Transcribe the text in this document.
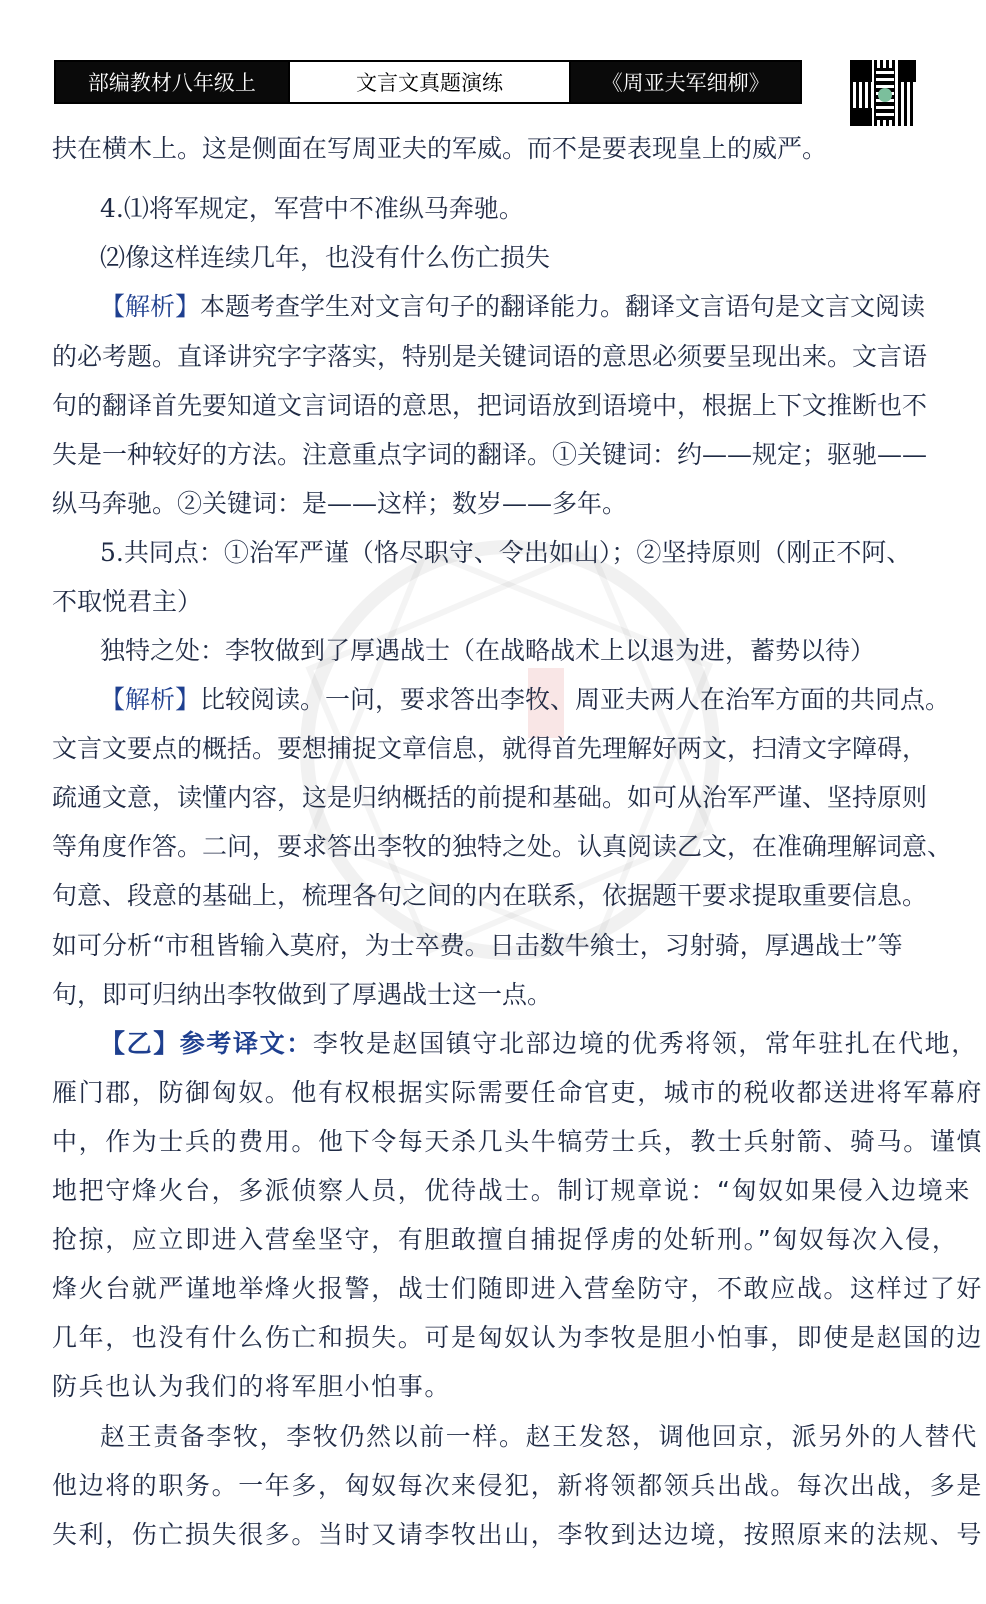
部编教材八年级上	文言文真题演练	《周亚夫军细柳》
扶在横木上。这是侧面在写周亚夫的军威。而不是要表现皇上的威严。
4.⑴将军规定，军营中不准纵马奔驰。
⑵像这样连续几年，也没有什么伤亡损失
【解析】本题考查学生对文言句子的翻译能力。翻译文言语句是文言文阅读
的必考题。直译讲究字字落实，特别是关键词语的意思必须要呈现出来。文言语
句的翻译首先要知道文言词语的意思，把词语放到语境中，根据上下文推断也不
失是一种较好的方法。注意重点字词的翻译。①关键词：约——规定；驱驰——
纵马奔驰。②关键词：是——这样；数岁——多年。
5.共同点：①治军严谨（恪尽职守、令出如山）；②坚持原则（刚正不阿、
不取悦君主）
独特之处：李牧做到了厚遇战士（在战略战术上以退为进，蓄势以待）
【解析】比较阅读。一问，要求答出李牧、周亚夫两人在治军方面的共同点。
文言文要点的概括。要想捕捉文章信息，就得首先理解好两文，扫清文字障碍，
疏通文意，读懂内容，这是归纳概括的前提和基础。如可从治军严谨、坚持原则
等角度作答。二问，要求答出李牧的独特之处。认真阅读乙文，在准确理解词意、
句意、段意的基础上，梳理各句之间的内在联系，依据题干要求提取重要信息。
如可分析“市租皆输入莫府，为士卒费。日击数牛飨士，习射骑，厚遇战士”等
句，即可归纳出李牧做到了厚遇战士这一点。
【乙】参考译文：李牧是赵国镇守北部边境的优秀将领，常年驻扎在代地，
雁门郡，防御匈奴。他有权根据实际需要任命官吏，城市的税收都送进将军幕府
中，作为士兵的费用。他下令每天杀几头牛犒劳士兵，教士兵射箭、骑马。谨慎
地把守烽火台，多派侦察人员，优待战士。制订规章说：“匈奴如果侵入边境来
抢掠，应立即进入营垒坚守，有胆敢擅自捕捉俘虏的处斩刑。”匈奴每次入侵，
烽火台就严谨地举烽火报警，战士们随即进入营垒防守，不敢应战。这样过了好
几年，也没有什么伤亡和损失。可是匈奴认为李牧是胆小怕事，即使是赵国的边
防兵也认为我们的将军胆小怕事。
赵王责备李牧，李牧仍然以前一样。赵王发怒，调他回京，派另外的人替代
他边将的职务。一年多，匈奴每次来侵犯，新将领都领兵出战。每次出战，多是
失利，伤亡损失很多。当时又请李牧出山，李牧到达边境，按照原来的法规、号
